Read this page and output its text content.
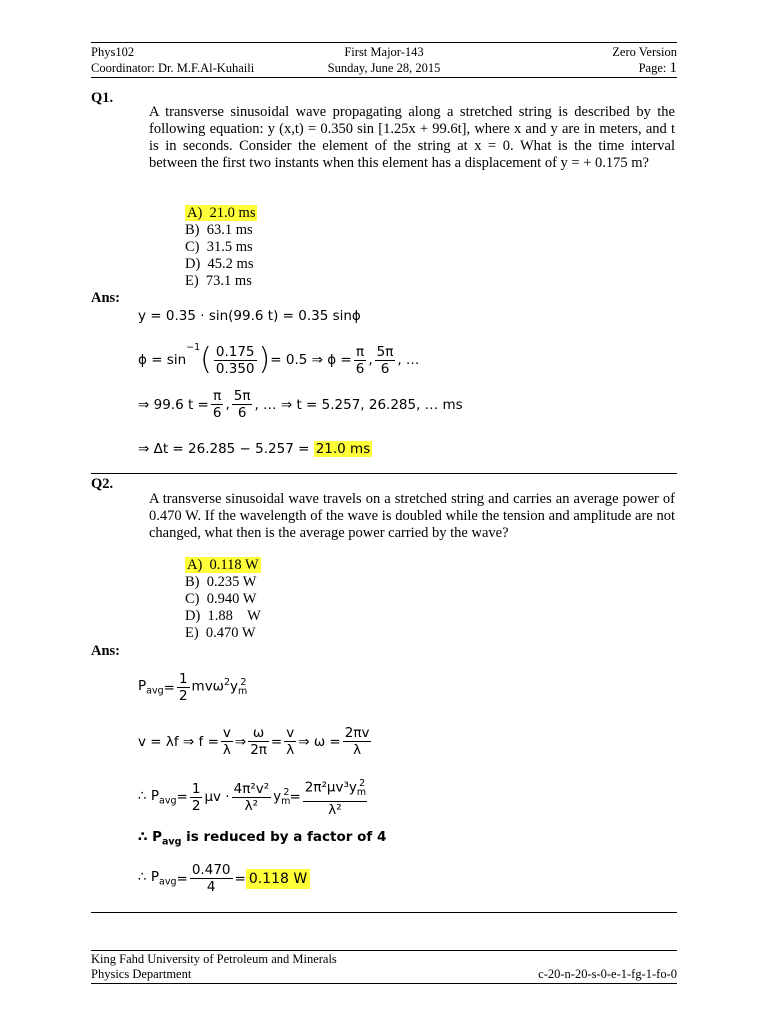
Phys102	First Major-143	Zero Version
Coordinator: Dr. M.F.Al-Kuhaili	Sunday, June 28, 2015	Page: 1
Q1.
A transverse sinusoidal wave propagating along a stretched string is described by the following equation: y (x,t) = 0.350 sin [1.25x + 99.6t], where x and y are in meters, and t is in seconds. Consider the element of the string at x = 0. What is the time interval between the first two instants when this element has a displacement of y = + 0.175 m?
A)  21.0 ms
B)  63.1 ms
C)  31.5 ms
D)  45.2 ms
E)  73.1 ms
Ans:
y = 0.35 · sin(99.6 t) = 0.35 sinϕ
$\phi = \sin^{-1}( \frac{0.175}{0.350}$ )= 0.5 ⇒ $\phi = \frac{\pi}{6}$ , $\frac{5\pi}{6}$ , …
⇒ 99.6 $t = \frac{\pi}{6}$ , $\frac{5\pi}{6}$ , … ⇒ t = 5.257, 26.285, … ms
⇒ Δt = 26.285 − 5.257 = 21.0 ms
Q2.
A transverse sinusoidal wave travels on a stretched string and carries an average power of 0.470 W. If the wavelength of the wave is doubled while the tension and amplitude are not changed, what then is the average power carried by the wave?
A)  0.118 W
B)  0.235 W
C)  0.940 W
D)  1.88    W
E)  0.470 W
Ans:
$P_{avg}= \frac{1}{2} mv\omega^2y_m^2$
v = λf ⇒ $f = \frac{v}{\lambda}$ ⇒ $\frac{\omega}{2\pi} = \frac{v}{\lambda}$ ⇒ $\omega = \frac{2\pi v}{\lambda}$
∴ $P_{avg}= \frac{1}{2}$ $\mu v \cdot \frac{\text{4π²v²}}{\text{λ²}} y_m^2= \frac{2\pi^2\mu v^3y_m^2}{\text{λ²}}$
∴ $P_{avg}$ is reduced by a factor of 4
∴ $P_{avg}= \frac{0.470}{4} =0.118$ W
King Fahd University of Petroleum and Minerals
Physics Department	c-20-n-20-s-0-e-1-fg-1-fo-0
